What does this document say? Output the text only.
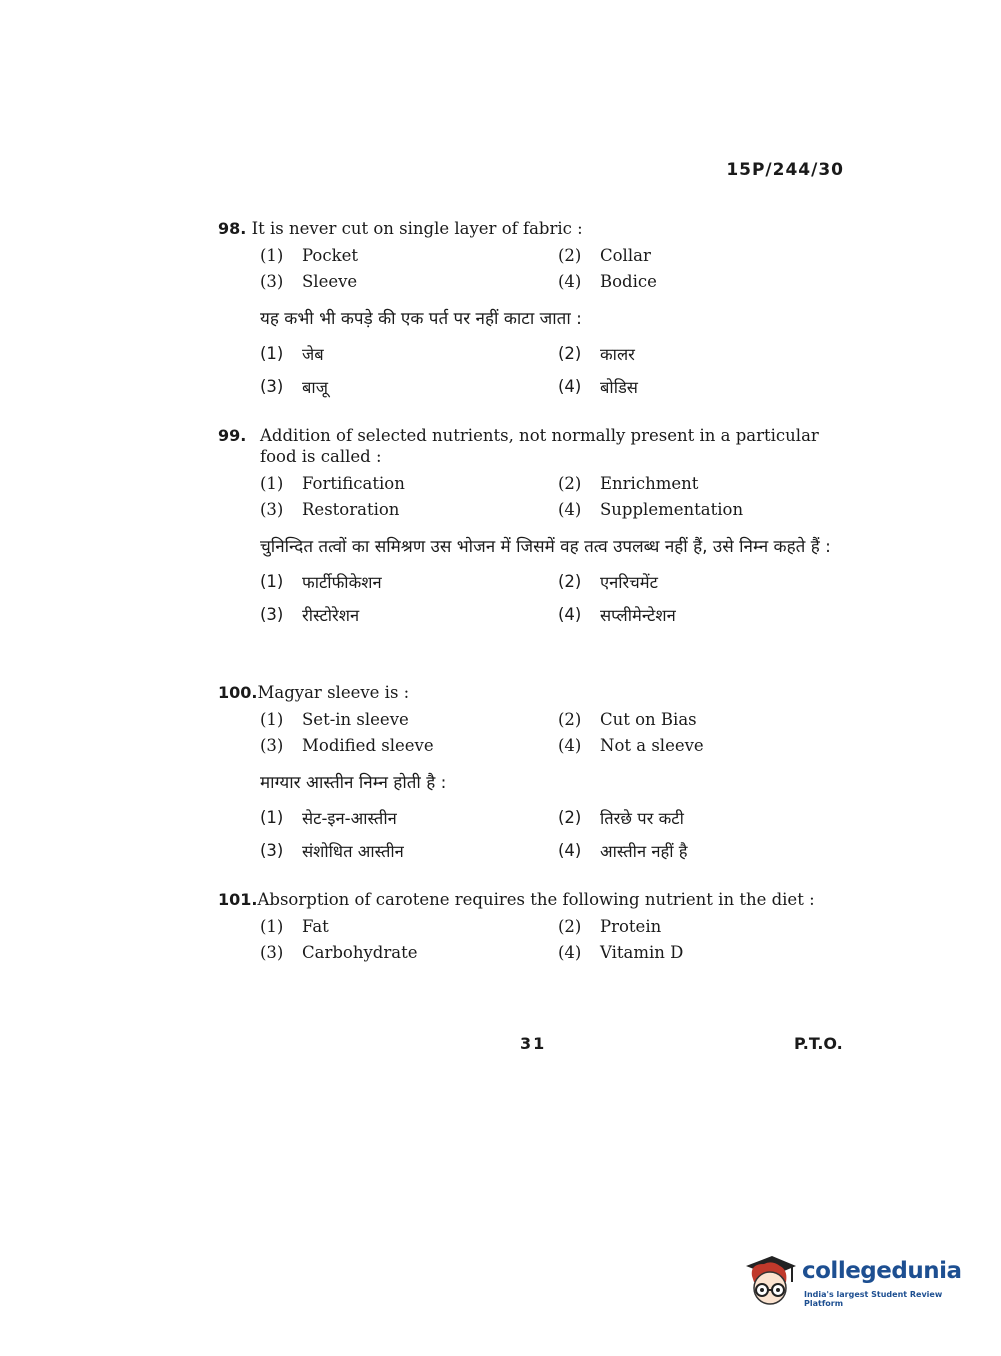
15P/244/30
98. It is never cut on single layer of fabric :
(1)	Pocket	(2)	Collar
(3)	Sleeve	(4)	Bodice
यह कभी भी कपड़े की एक पर्त पर नहीं काटा जाता :
(1)	जेब	(2)	कालर
(3)	बाजू	(4)	बोडिस
99. Addition of selected nutrients, not normally present in a particular food is called :
(1)	Fortification	(2)	Enrichment
(3)	Restoration	(4)	Supplementation
चुनिन्दित तत्वों का समिश्रण उस भोजन में जिसमें वह तत्व उपलब्ध नहीं हैं, उसे निम्न कहते हैं :
(1)	फार्टीफीकेशन	(2)	एनरिचमेंट
(3)	रीस्टोरेशन	(4)	सप्लीमेन्टेशन
100.Magyar sleeve is :
(1)	Set-in sleeve	(2)	Cut on Bias
(3)	Modified sleeve	(4)	Not a sleeve
माग्यार आस्तीन निम्न होती है :
(1)	सेट-इन-आस्तीन	(2)	तिरछे पर कटी
(3)	संशोधित आस्तीन	(4)	आस्तीन नहीं है
101.Absorption of carotene requires the following nutrient in the diet :
(1)	Fat	(2)	Protein
(3)	Carbohydrate	(4)	Vitamin D
31	P.T.O.
collegedunia
India's largest Student Review Platform
